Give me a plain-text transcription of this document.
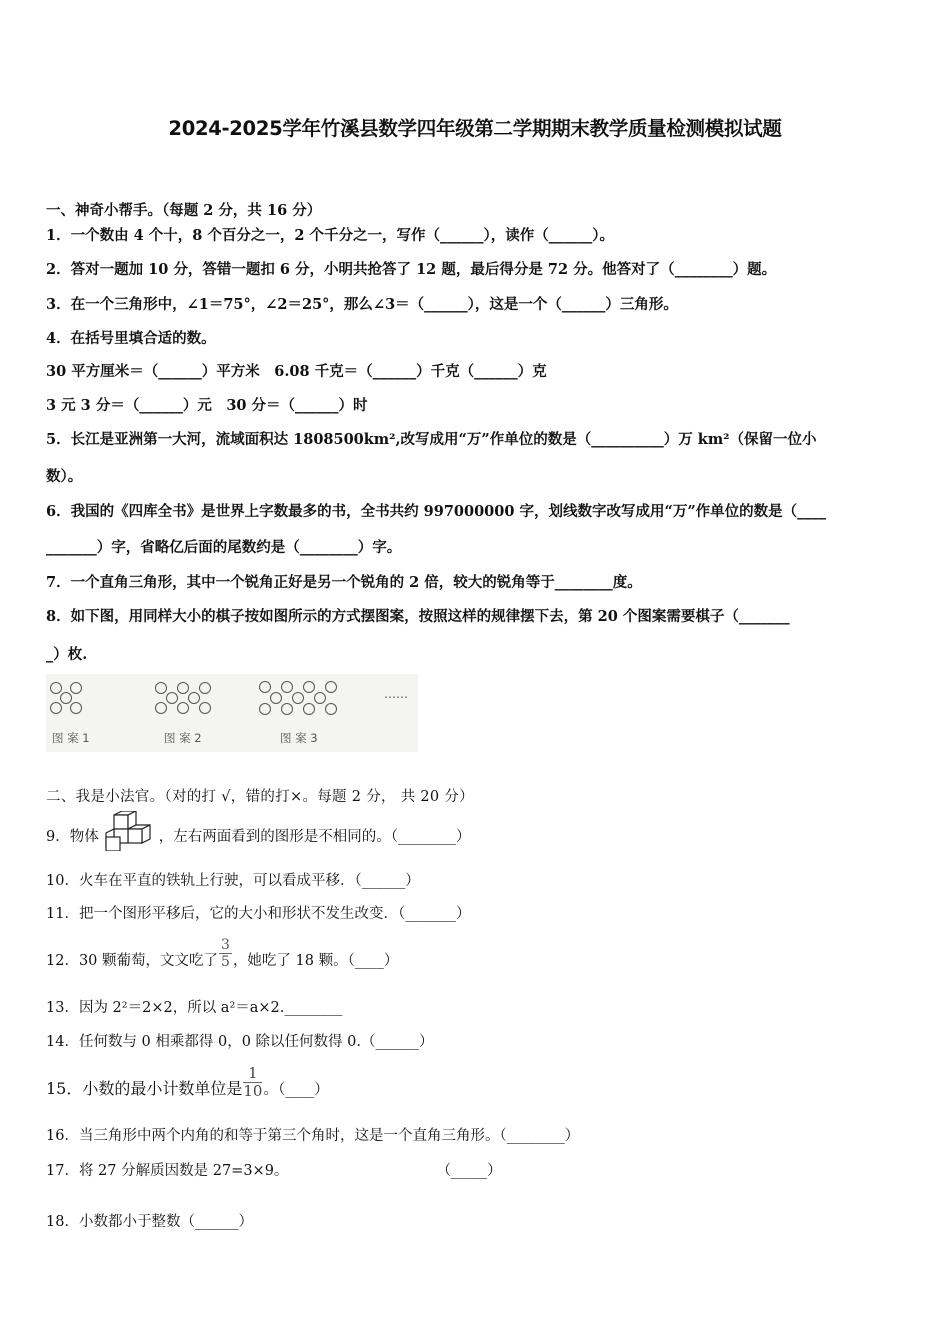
2024-2025学年竹溪县数学四年级第二学期期末教学质量检测模拟试题
一、神奇小帮手。（每题 2 分，共 16 分）
1．一个数由 4 个十，8 个百分之一，2 个千分之一，写作（______），读作（______）。
2．答对一题加 10 分，答错一题扣 6 分，小明共抢答了 12 题，最后得分是 72 分。他答对了（________）题。
3．在一个三角形中，∠1＝75°，∠2＝25°，那么∠3＝（______），这是一个（______）三角形。
4．在括号里填合适的数。
30 平方厘米＝（______）平方米　6.08 千克＝（______）千克（______）克
3 元 3 分＝（______）元　30 分＝（______）时
5．长江是亚洲第一大河，流域面积达 1808500km²,改写成用“万”作单位的数是（__________）万 km²（保留一位小
数）。
6．我国的《四库全书》是世界上字数最多的书，全书共约 997000000 字，划线数字改写成用“万”作单位的数是（____
_______）字，省略亿后面的尾数约是（________）字。
7．一个直角三角形，其中一个锐角正好是另一个锐角的 2 倍，较大的锐角等于________度。
8．如下图，用同样大小的棋子按如图所示的方式摆图案，按照这样的规律摆下去，第 20 个图案需要棋子（_______
_）枚.
……
图 案 1	图 案 2	图 案 3
二、我是小法官。（对的打 √，错的打×。每题 2 分， 共 20 分）
9．物体	，左右两面看到的图形是不相同的。（________）
10．火车在平直的铁轨上行驶，可以看成平移．（______）
11．把一个图形平移后，它的大小和形状不发生改变．（_______）
12．30 颗葡萄，文文吃了 $\frac{3}{5}$ ，她吃了 18 颗。（____）
13．因为 2²＝2×2，所以 a²＝a×2.________
14．任何数与 0 相乘都得 0，0 除以任何数得 0.（______）
15．小数的最小计数单位是 $\frac{1}{10}$ 。（____）
16．当三角形中两个内角的和等于第三个角时，这是一个直角三角形。（________）
17．将 27 分解质因数是 27=3×9。	（_____）
18．小数都小于整数（______）
